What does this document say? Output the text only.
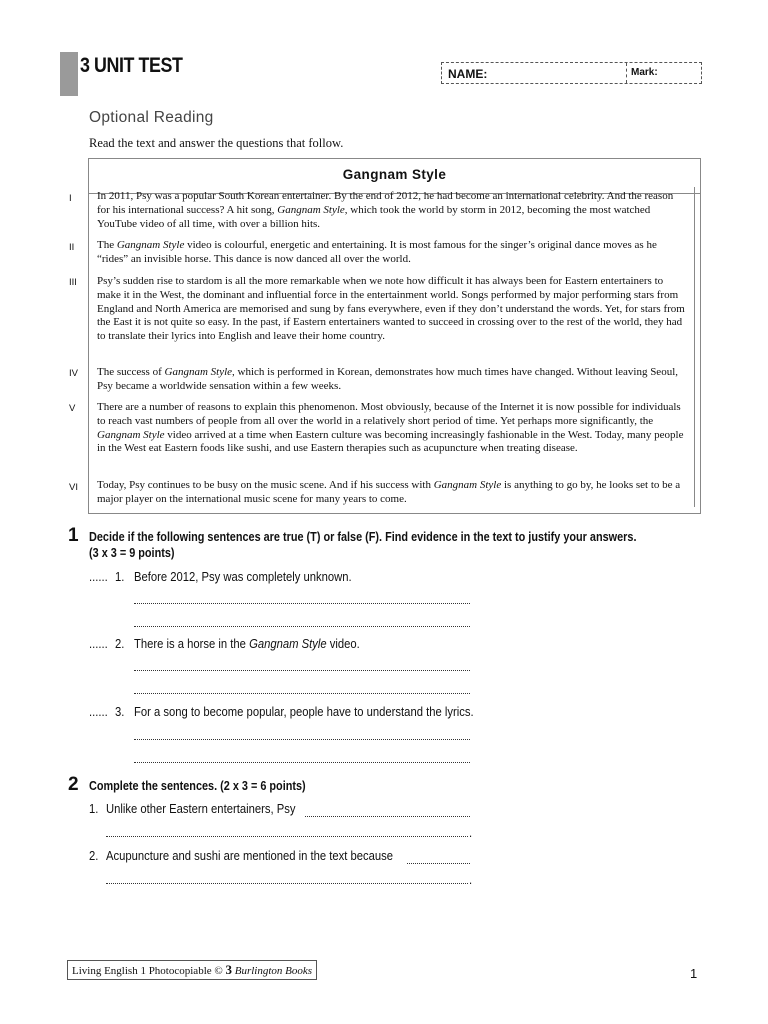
3 UNIT TEST	NAME:	Mark:
Optional Reading
Read the text and answer the questions that follow.
Gangnam Style
I In 2011, Psy was a popular South Korean entertainer. By the end of 2012, he had become an international celebrity. And the reason for his international success? A hit song, Gangnam Style, which took the world by storm in 2012, becoming the most watched YouTube video of all time, with over a billion hits.
II The Gangnam Style video is colourful, energetic and entertaining. It is most famous for the singer’s original dance moves as he “rides” an invisible horse. This dance is now danced all over the world.
III Psy’s sudden rise to stardom is all the more remarkable when we note how difficult it has always been for Eastern entertainers to make it in the West, the dominant and influential force in the entertainment world. Songs performed by major performing stars from England and North America are memorised and sung by fans everywhere, even if they don’t understand the words. Yet, for stars from the East it is not quite so easy. In the past, if Eastern entertainers wanted to succeed in crossing over to the rest of the world, they had to translate their lyrics into English and leave their home country.
IV The success of Gangnam Style, which is performed in Korean, demonstrates how much times have changed. Without leaving Seoul, Psy became a worldwide sensation within a few weeks.
V There are a number of reasons to explain this phenomenon. Most obviously, because of the Internet it is now possible for individuals to reach vast numbers of people from all over the world in a relatively short period of time. Yet perhaps more significantly, the Gangnam Style video arrived at a time when Eastern culture was becoming increasingly fashionable in the West. Today, many people in the West eat Eastern foods like sushi, and use Eastern therapies such as acupuncture when treating disease.
VI Today, Psy continues to be busy on the music scene. And if his success with Gangnam Style is anything to go by, he looks set to be a major player on the international music scene for many years to come.
1 Decide if the following sentences are true (T) or false (F). Find evidence in the text to justify your answers.
(3 x 3 = 9 points)
...... 1. Before 2012, Psy was completely unknown.
...... 2. There is a horse in the Gangnam Style video.
...... 3. For a song to become popular, people have to understand the lyrics.
2 Complete the sentences. (2 x 3 = 6 points)
1. Unlike other Eastern entertainers, Psy
.
2. Acupuncture and sushi are mentioned in the text because
.
Living English 1 Photocopiable © 3 Burlington Books	1
